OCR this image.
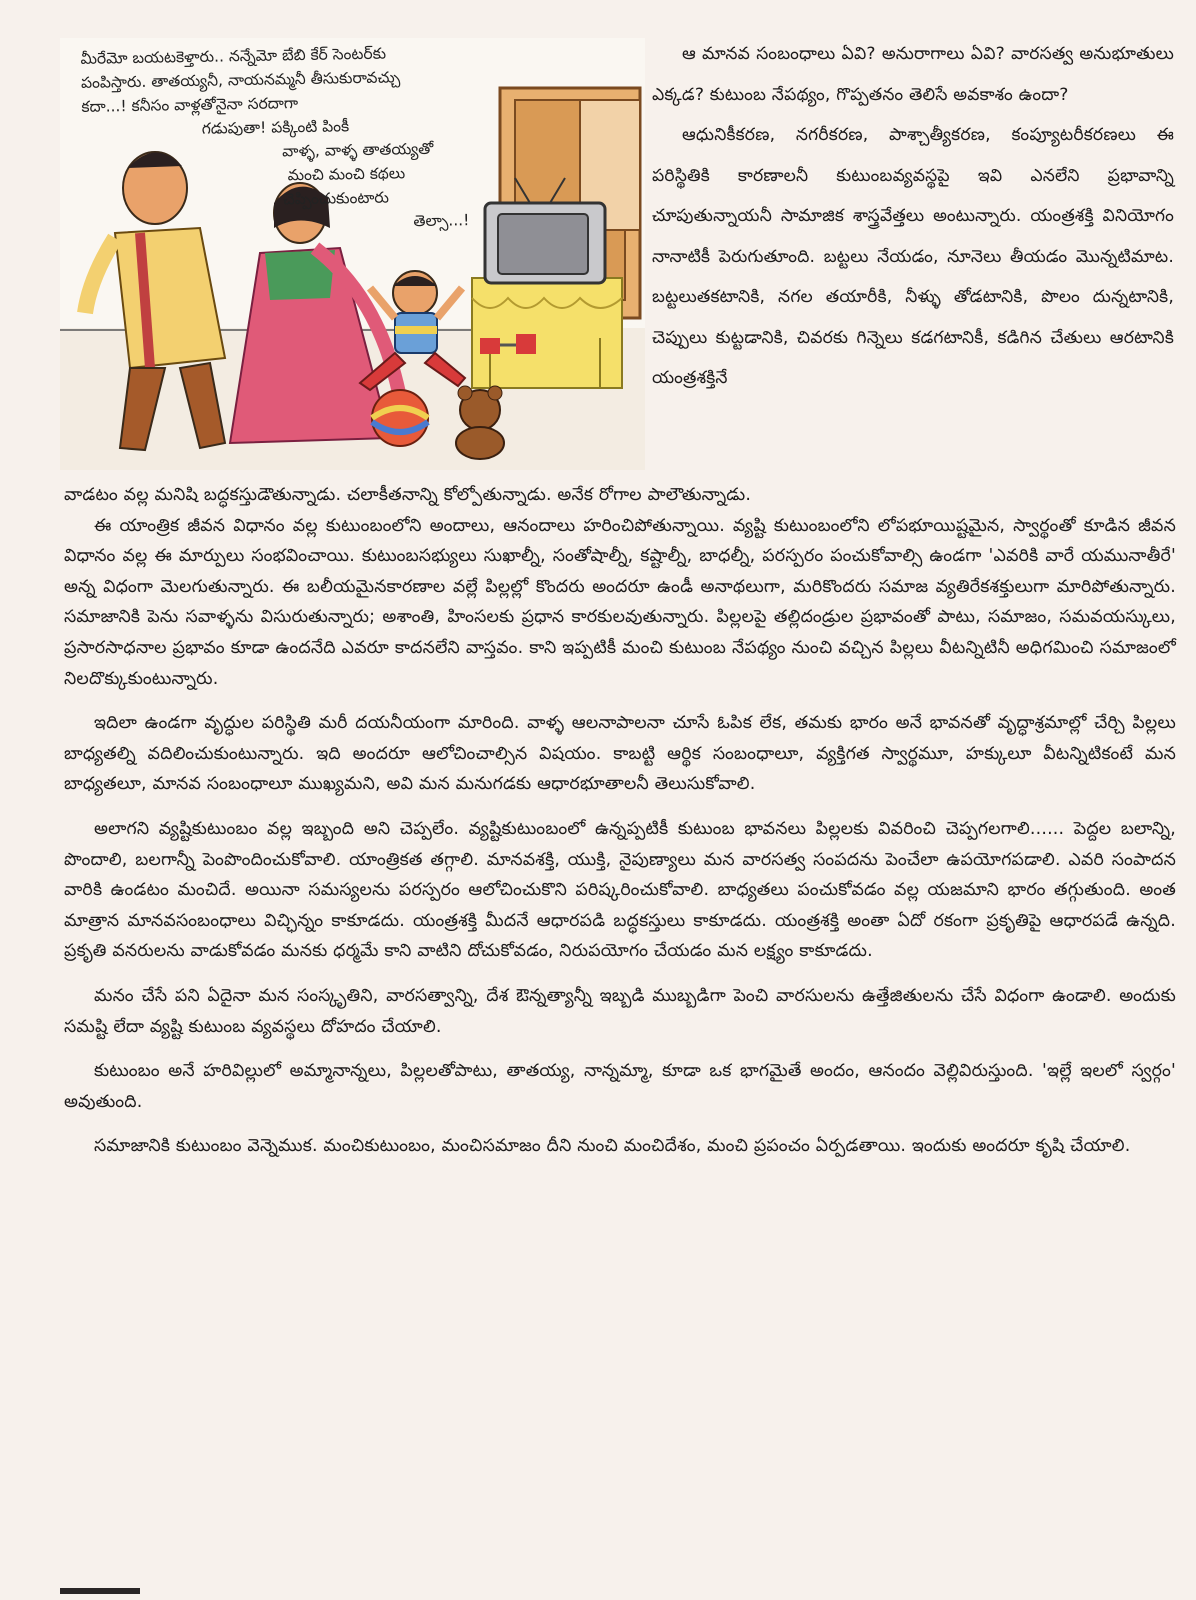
మీరేమో బయటకెళ్తారు.. నన్నేమో బేబి కేర్ సెంటర్‌కు
పంపిస్తారు. తాతయ్యనీ, నాయనమ్మనీ తీసుకురావచ్చు
కదా...! కనీసం వాళ్లతోనైనా సరదాగా
గడుపుతా! పక్కింటి పింకీ
వాళ్ళ, వాళ్ళ తాతయ్యతో
మంచి మంచి కథలు
చెప్పించుకుంటారు
తెల్సా...!

ఆ మానవ సంబంధాలు ఏవి? అనురాగాలు ఏవి? వారసత్వ అనుభూతులు ఎక్కడ? కుటుంబ నేపథ్యం, గొప్పతనం తెలిసే అవకాశం ఉందా?

ఆధునికీకరణ, నగరీకరణ, పాశ్చాత్యీకరణ, కంప్యూటరీకరణలు ఈ పరిస్థితికి కారణాలనీ కుటుంబవ్యవస్థపై ఇవి ఎనలేని ప్రభావాన్ని చూపుతున్నాయనీ సామాజిక శాస్త్రవేత్తలు అంటున్నారు. యంత్రశక్తి వినియోగం నానాటికీ పెరుగుతూంది. బట్టలు నేయడం, నూనెలు తీయడం మొన్నటిమాట. బట్టలుతకటానికి, నగల తయారీకి, నీళ్ళు తోడటానికి, పొలం దున్నటానికి, చెప్పులు కుట్టడానికి, చివరకు గిన్నెలు కడగటానికీ, కడిగిన చేతులు ఆరటానికి యంత్రశక్తినే

వాడటం వల్ల మనిషి బద్ధకస్తుడౌతున్నాడు. చలాకీతనాన్ని కోల్పోతున్నాడు. అనేక రోగాల పాలౌతున్నాడు.

ఈ యాంత్రిక జీవన విధానం వల్ల కుటుంబంలోని అందాలు, ఆనందాలు హరించిపోతున్నాయి. వ్యష్టి కుటుంబంలోని లోపభూయిష్టమైన, స్వార్థంతో కూడిన జీవన విధానం వల్ల ఈ మార్పులు సంభవించాయి. కుటుంబసభ్యులు సుఖాల్నీ, సంతోషాల్నీ, కష్టాల్నీ, బాధల్నీ, పరస్పరం పంచుకోవాల్సి ఉండగా 'ఎవరికి వారే యమునాతీరే' అన్న విధంగా మెలగుతున్నారు. ఈ బలీయమైనకారణాల వల్లే పిల్లల్లో కొందరు అందరూ ఉండీ అనాథలుగా, మరికొందరు సమాజ వ్యతిరేకశక్తులుగా మారిపోతున్నారు. సమాజానికి పెను సవాళ్ళను విసురుతున్నారు; అశాంతి, హింసలకు ప్రధాన కారకులవుతున్నారు. పిల్లలపై తల్లిదండ్రుల ప్రభావంతో పాటు, సమాజం, సమవయస్కులు, ప్రసారసాధనాల ప్రభావం కూడా ఉందనేది ఎవరూ కాదనలేని వాస్తవం. కాని ఇప్పటికీ మంచి కుటుంబ నేపథ్యం నుంచి వచ్చిన పిల్లలు వీటన్నిటినీ అధిగమించి సమాజంలో నిలదొక్కుకుంటున్నారు.

ఇదిలా ఉండగా వృద్ధుల పరిస్థితి మరీ దయనీయంగా మారింది. వాళ్ళ ఆలనాపాలనా చూసే ఓపిక లేక, తమకు భారం అనే భావనతో వృద్ధాశ్రమాల్లో చేర్చి పిల్లలు బాధ్యతల్ని వదిలించుకుంటున్నారు. ఇది అందరూ ఆలోచించాల్సిన విషయం. కాబట్టి ఆర్థిక సంబంధాలూ, వ్యక్తిగత స్వార్థమూ, హక్కులూ వీటన్నిటికంటే మన బాధ్యతలూ, మానవ సంబంధాలూ ముఖ్యమని, అవి మన మనుగడకు ఆధారభూతాలనీ తెలుసుకోవాలి.

అలాగని వ్యష్టికుటుంబం వల్ల ఇబ్బంది అని చెప్పలేం. వ్యష్టికుటుంబంలో ఉన్నప్పటికీ కుటుంబ భావనలు పిల్లలకు వివరించి చెప్పగలగాలి...... పెద్దల బలాన్ని, పొందాలి, బలగాన్నీ పెంపొందించుకోవాలి. యాంత్రికత తగ్గాలి. మానవశక్తి, యుక్తి, నైపుణ్యాలు మన వారసత్వ సంపదను పెంచేలా ఉపయోగపడాలి. ఎవరి సంపాదన వారికి ఉండటం మంచిదే. అయినా సమస్యలను పరస్పరం ఆలోచించుకొని పరిష్కరించుకోవాలి. బాధ్యతలు పంచుకోవడం వల్ల యజమాని భారం తగ్గుతుంది. అంత మాత్రాన మానవసంబంధాలు విచ్ఛిన్నం కాకూడదు. యంత్రశక్తి మీదనే ఆధారపడి బద్ధకస్తులు కాకూడదు. యంత్రశక్తి అంతా ఏదో రకంగా ప్రకృతిపై ఆధారపడే ఉన్నది. ప్రకృతి వనరులను వాడుకోవడం మనకు ధర్మమే కాని వాటిని దోచుకోవడం, నిరుపయోగం చేయడం మన లక్ష్యం కాకూడదు.

మనం చేసే పని ఏదైనా మన సంస్కృతిని, వారసత్వాన్ని, దేశ ఔన్నత్యాన్నీ ఇబ్బడి ముబ్బడిగా పెంచి వారసులను ఉత్తేజితులను చేసే విధంగా ఉండాలి. అందుకు సమష్టి లేదా వ్యష్టి కుటుంబ వ్యవస్థలు దోహదం చేయాలి.

కుటుంబం అనే హరివిల్లులో అమ్మానాన్నలు, పిల్లలతోపాటు, తాతయ్య, నాన్నమ్మా, కూడా ఒక భాగమైతే అందం, ఆనందం వెల్లివిరుస్తుంది. 'ఇల్లే ఇలలో స్వర్గం' అవుతుంది.

సమాజానికి కుటుంబం వెన్నెముక. మంచికుటుంబం, మంచిసమాజం దీని నుంచి మంచిదేశం, మంచి ప్రపంచం ఏర్పడతాయి. ఇందుకు అందరూ కృషి చేయాలి.
